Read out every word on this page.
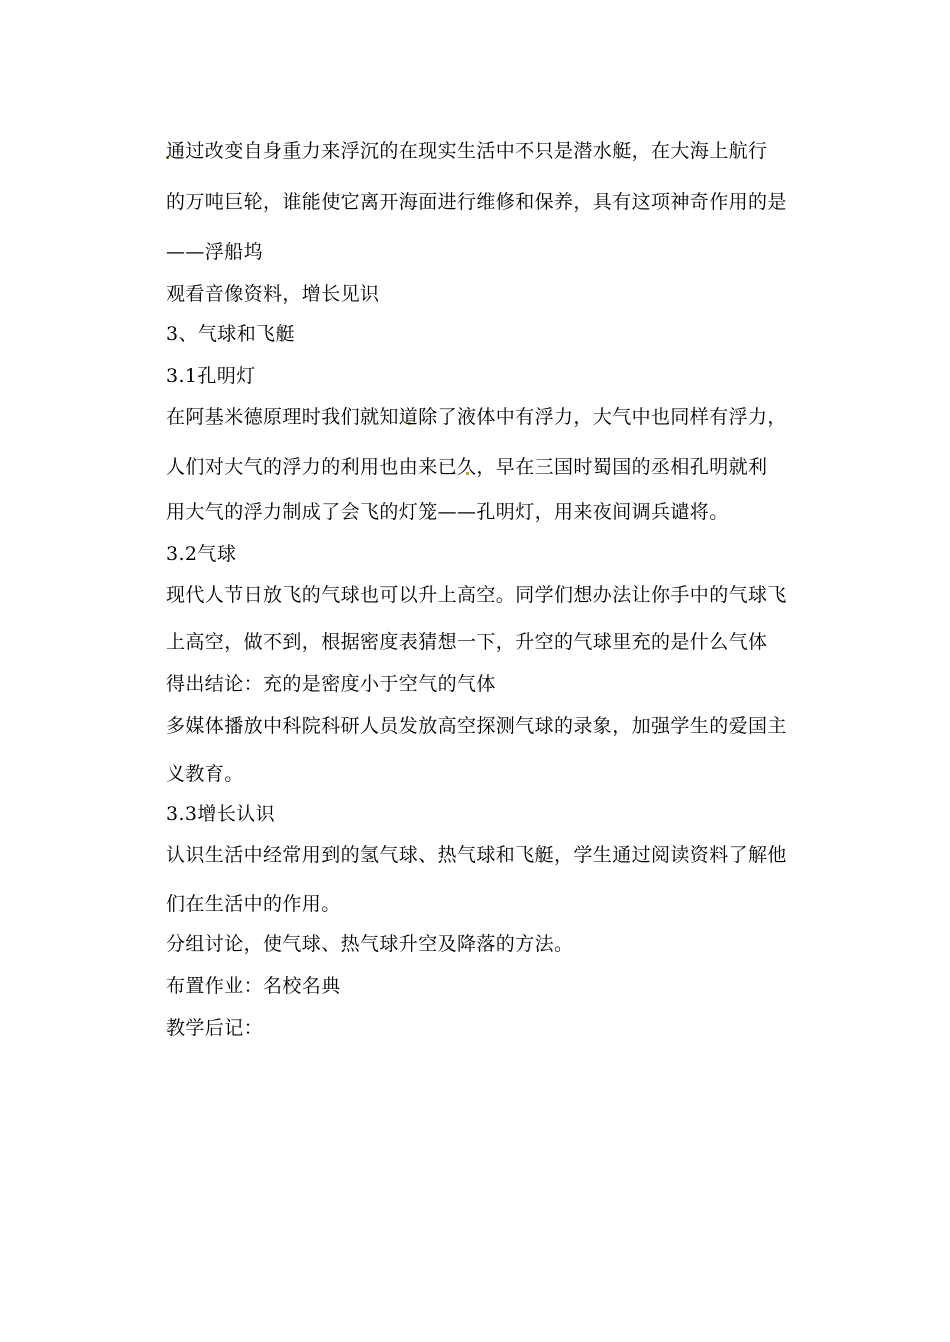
通过改变自身重力来浮沉的在现实生活中不只是潜水艇，在大海上航行
的万吨巨轮，谁能使它离开海面进行维修和保养，具有这项神奇作用的是
——浮船坞
观看音像资料，增长见识
3、气球和飞艇
3.1孔明灯
在阿基米德原理时我们就知道除了液体中有浮力，大气中也同样有浮力，
人们对大气的浮力的利用也由来已久，早在三国时蜀国的丞相孔明就利
用大气的浮力制成了会飞的灯笼——孔明灯，用来夜间调兵谴将。
3.2气球
现代人节日放飞的气球也可以升上高空。同学们想办法让你手中的气球飞
上高空，做不到，根据密度表猜想一下，升空的气球里充的是什么气体
得出结论：充的是密度小于空气的气体
多媒体播放中科院科研人员发放高空探测气球的录象，加强学生的爱国主
义教育。
3.3增长认识
认识生活中经常用到的氢气球、热气球和飞艇，学生通过阅读资料了解他
们在生活中的作用。
分组讨论，使气球、热气球升空及降落的方法。
布置作业：名校名典
教学后记：
